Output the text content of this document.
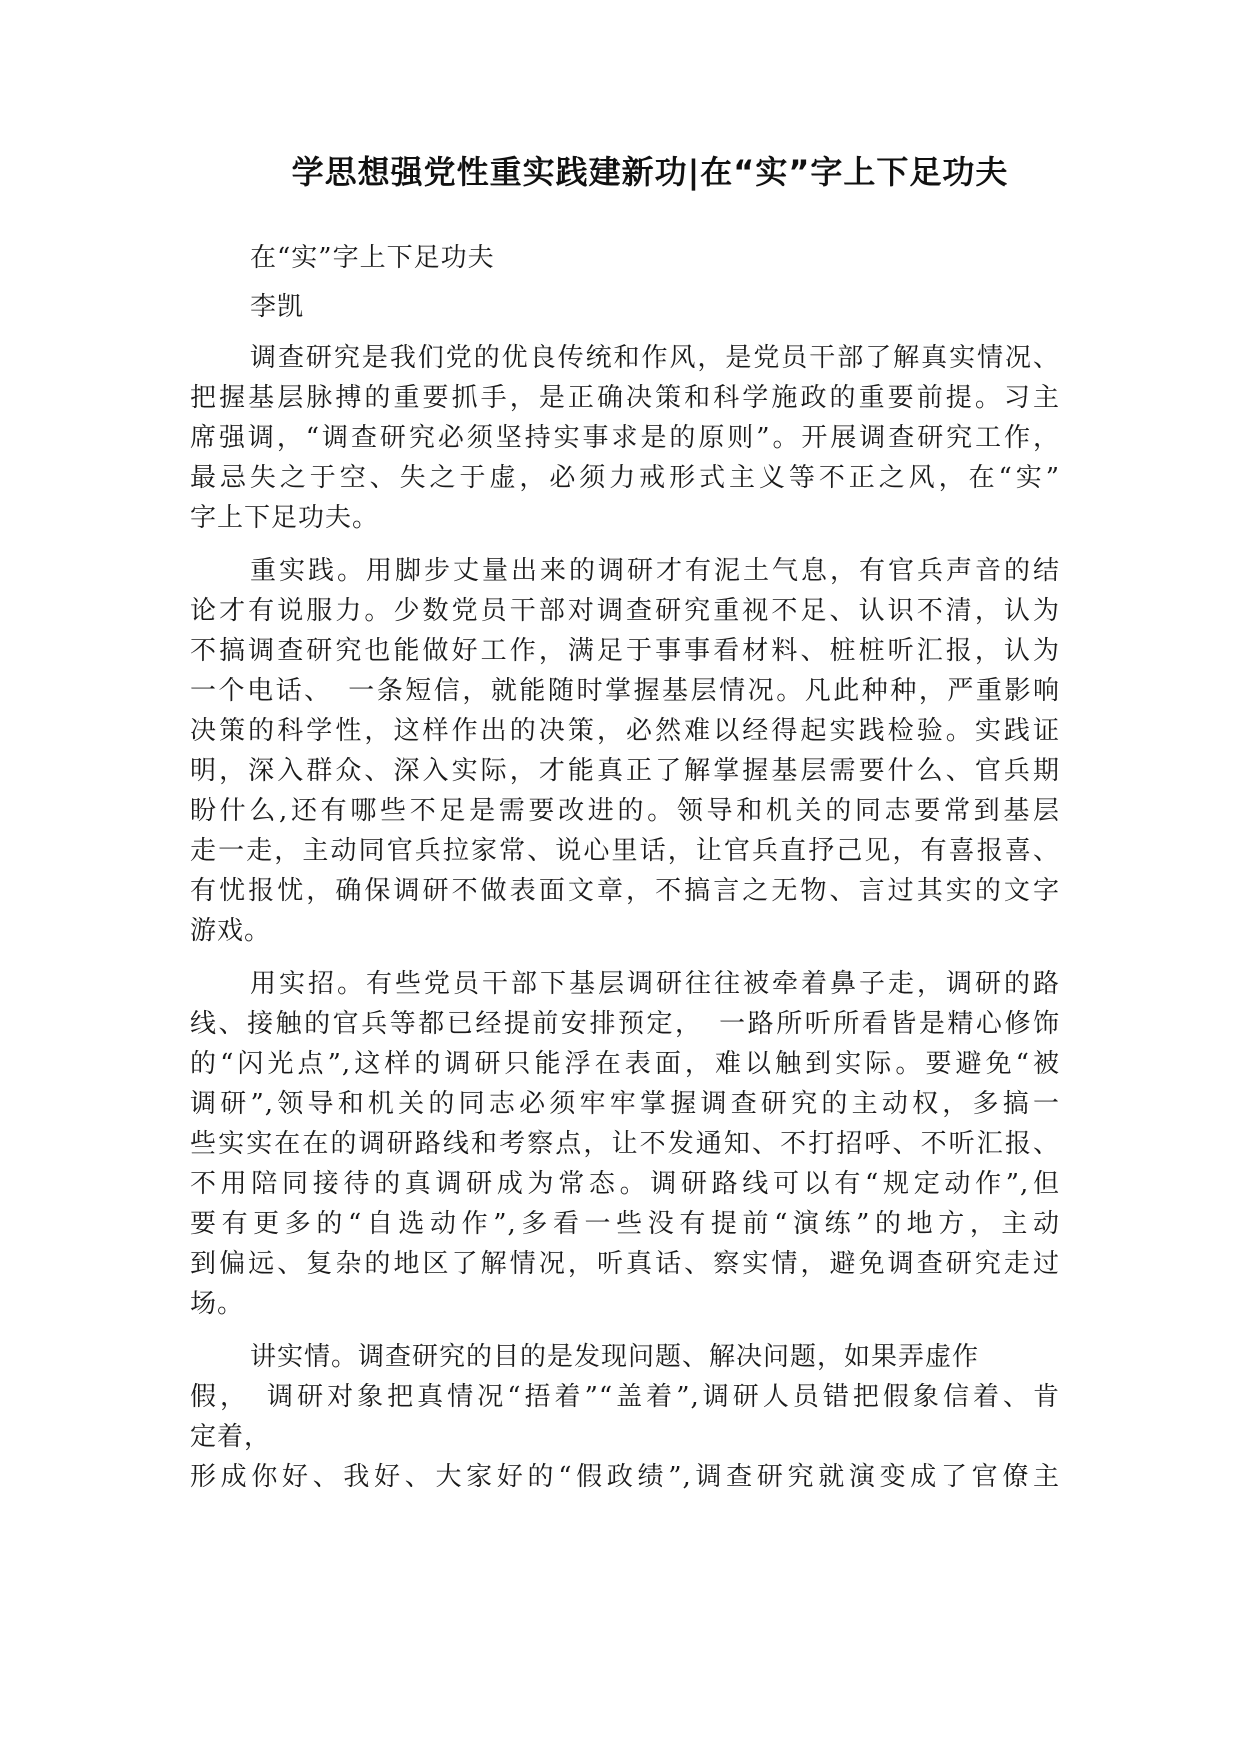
学思想强党性重实践建新功|在“实”字上下足功夫
在“实”字上下足功夫
李凯
调查研究是我们党的优良传统和作风，是党员干部了解真实情况、
把握基层脉搏的重要抓手，是正确决策和科学施政的重要前提。习主
席强调，“调查研究必须坚持实事求是的原则”。开展调查研究工作，
最忌失之于空、失之于虚，必须力戒形式主义等不正之风，在“实”
字上下足功夫。
重实践。用脚步丈量出来的调研才有泥土气息，有官兵声音的结
论才有说服力。少数党员干部对调查研究重视不足、认识不清，认为
不搞调查研究也能做好工作，满足于事事看材料、桩桩听汇报，认为
一个电话、　一条短信，就能随时掌握基层情况。凡此种种，严重影响
决策的科学性，这样作出的决策，必然难以经得起实践检验。实践证
明，深入群众、深入实际，才能真正了解掌握基层需要什么、官兵期
盼什么,还有哪些不足是需要改进的。领导和机关的同志要常到基层
走一走，主动同官兵拉家常、说心里话，让官兵直抒己见，有喜报喜、
有忧报忧，确保调研不做表面文章，不搞言之无物、言过其实的文字
游戏。
用实招。有些党员干部下基层调研往往被牵着鼻子走，调研的路
线、接触的官兵等都已经提前安排预定，　一路所听所看皆是精心修饰
的“闪光点”,这样的调研只能浮在表面，难以触到实际。要避免“被
调研”,领导和机关的同志必须牢牢掌握调查研究的主动权，多搞一
些实实在在的调研路线和考察点，让不发通知、不打招呼、不听汇报、
不用陪同接待的真调研成为常态。调研路线可以有“规定动作”,但
要有更多的“自选动作”,多看一些没有提前“演练”的地方，主动
到偏远、复杂的地区了解情况，听真话、察实情，避免调查研究走过
场。
讲实情。调查研究的目的是发现问题、解决问题，如果弄虚作
假，　调研对象把真情况“捂着”“盖着”,调研人员错把假象信着、肯
定着，
形成你好、我好、大家好的“假政绩”,调查研究就演变成了官僚主
